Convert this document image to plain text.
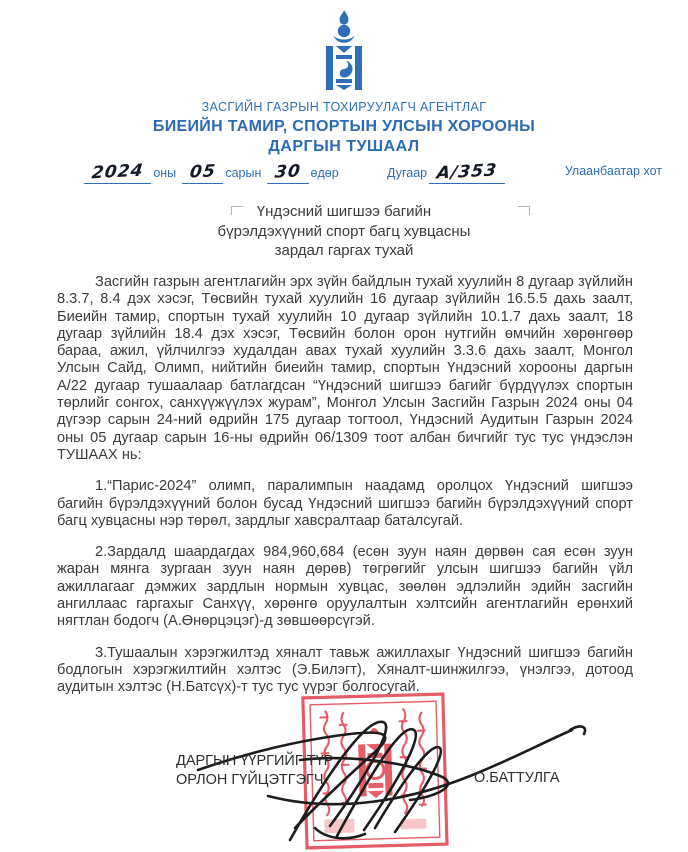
ЗАСГИЙН ГАЗРЫН ТОХИРУУЛАГЧ АГЕНТЛАГ
БИЕИЙН ТАМИР, СПОРТЫН УЛСЫН ХОРООНЫ
ДАРГЫН ТУШААЛ
2024 оны 05 сарын 30 өдөр	Дугаар А/353	Улаанбаатар хот
Үндэсний шигшээ багийн
бүрэлдэхүүний спорт багц хувцасны
зардал гаргах тухай

Засгийн газрын агентлагийн эрх зүйн байдлын тухай хуулийн 8 дугаар зүйлийн 8.3.7, 8.4 дэх хэсэг, Төсвийн тухай хуулийн 16 дугаар зүйлийн 16.5.5 дахь заалт, Биеийн тамир, спортын тухай хуулийн 10 дугаар зүйлийн 10.1.7 дахь заалт, 18 дугаар зүйлийн 18.4 дэх хэсэг, Төсвийн болон орон нутгийн өмчийн хөрөнгөөр бараа, ажил, үйлчилгээ худалдан авах тухай хуулийн 3.3.6 дахь заалт, Монгол Улсын Сайд, Олимп, нийтийн биеийн тамир, спортын Үндэсний хорооны даргын А/22 дугаар тушаалаар батлагдсан “Үндэсний шигшээ багийг бүрдүүлэх спортын төрлийг сонгох, санхүүжүүлэх журам”, Монгол Улсын Засгийн Газрын 2024 оны 04 дүгээр сарын 24-ний өдрийн 175 дугаар тогтоол, Үндэсний Аудитын Газрын 2024 оны 05 дугаар сарын 16-ны өдрийн 06/1309 тоот албан бичгийг тус тус үндэслэн ТУШААХ нь:

1.“Парис-2024” олимп, паралимпын наадамд оролцох Үндэсний шигшээ багийн бүрэлдэхүүний болон бусад Үндэсний шигшээ багийн бүрэлдэхүүний спорт багц хувцасны нэр төрөл, зардлыг хавсралтаар баталсугай.

2.Зардалд шаардагдах 984,960,684 (есөн зуун наян дөрвөн сая есөн зуун жаран мянга зургаан зуун наян дөрөв) төгрөгийг улсын шигшээ багийн үйл ажиллагааг дэмжих зардлын нормын хувцас, зөөлөн эдлэлийн эдийн засгийн ангиллаас гаргахыг Санхүү, хөрөнгө оруулалтын хэлтсийн агентлагийн ерөнхий нягтлан бодогч (А.Өнөрцэцэг)-д зөвшөөрсүгэй.

3.Тушаалын хэрэгжилтэд хяналт тавьж ажиллахыг Үндэсний шигшээ багийн бодлогын хэрэгжилтийн хэлтэс (Э.Билэгт), Хяналт-шинжилгээ, үнэлгээ, дотоод аудитын хэлтэс (Н.Батсүх)-т тус тус үүрэг болгосугай.

ДАРГЫН ҮҮРГИЙГ ТҮР
ОРЛОН ГҮЙЦЭТГЭГЧ	О.БАТТУЛГА
